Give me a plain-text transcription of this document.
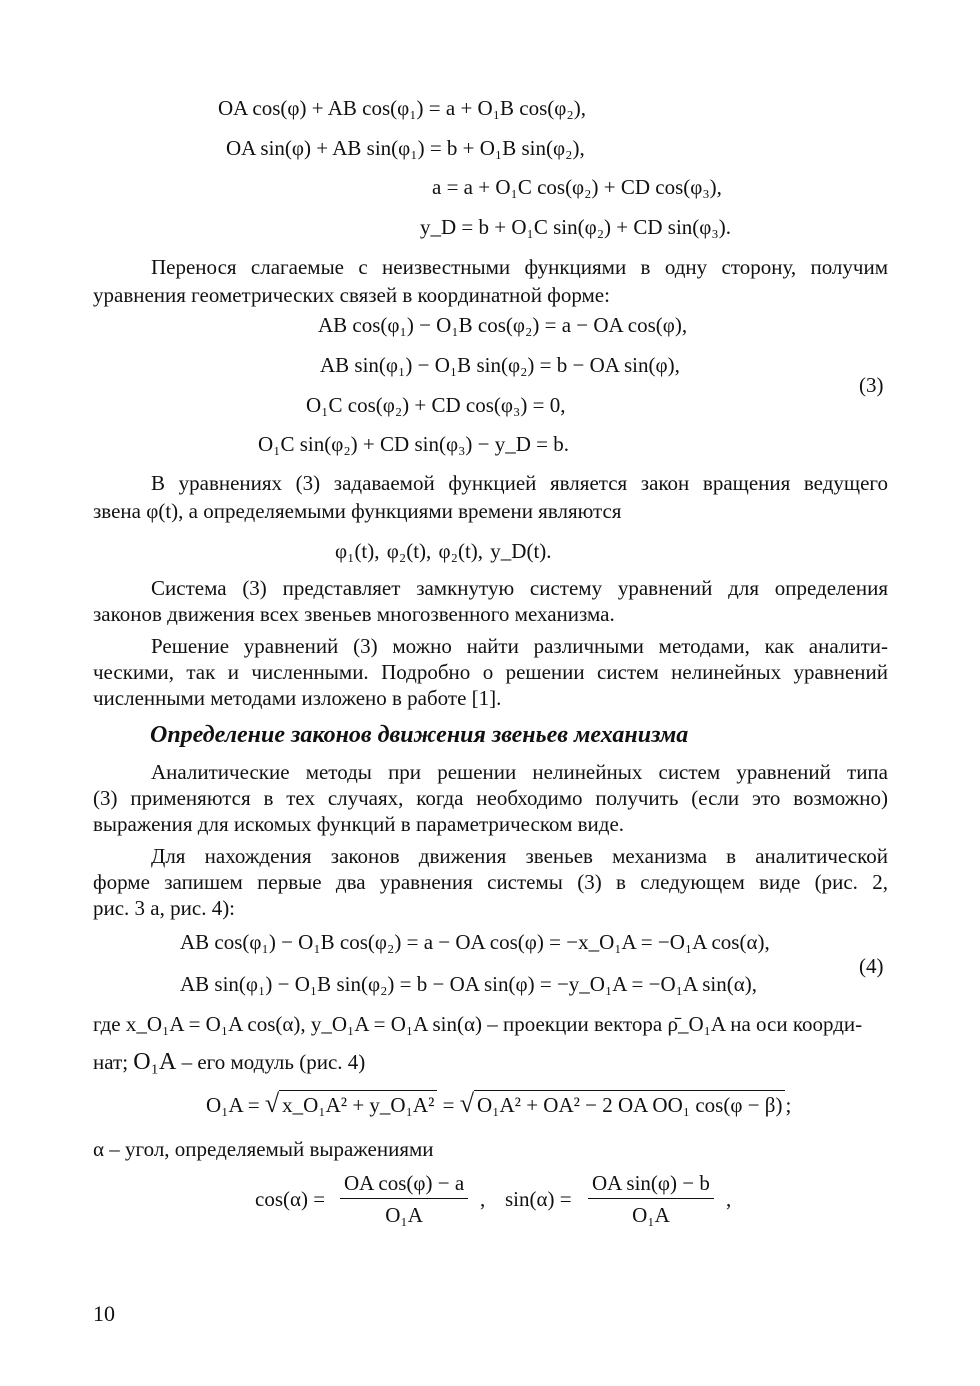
OA cos(φ) + AB cos(φ₁) = a + O₁B cos(φ₂),
OA sin(φ) + AB sin(φ₁) = b + O₁B sin(φ₂),
a = a + O₁C cos(φ₂) + CD cos(φ₃),
y_D = b + O₁C sin(φ₂) + CD sin(φ₃).
Перенося слагаемые с неизвестными функциями в одну сторону, получим
уравнения геометрических связей в координатной форме:
AB cos(φ₁) − O₁B cos(φ₂) = a − OA cos(φ),
AB sin(φ₁) − O₁B sin(φ₂) = b − OA sin(φ),
O₁C cos(φ₂) + CD cos(φ₃) = 0,
O₁C sin(φ₂) + CD sin(φ₃) − y_D = b.
(3)
В уравнениях (3) задаваемой функцией является закон вращения ведущего
звена φ(t), а определяемыми функциями времени являются
φ₁(t), φ₂(t), φ₂(t), y_D(t).
Система (3) представляет замкнутую систему уравнений для определения
законов движения всех звеньев многозвенного механизма.
Решение уравнений (3) можно найти различными методами, как аналити-
ческими, так и численными. Подробно о решении систем нелинейных уравнений
численными методами изложено в работе [1].
Определение законов движения звеньев механизма
Аналитические методы при решении нелинейных систем уравнений типа
(3) применяются в тех случаях, когда необходимо получить (если это возможно)
выражения для искомых функций в параметрическом виде.
Для нахождения законов движения звеньев механизма в аналитической
форме запишем первые два уравнения системы (3) в следующем виде (рис. 2,
рис. 3 а, рис. 4):
AB cos(φ₁) − O₁B cos(φ₂) = a − OA cos(φ) = −x_O₁A = −O₁A cos(α),
AB sin(φ₁) − O₁B sin(φ₂) = b − OA sin(φ) = −y_O₁A = −O₁A sin(α),
(4)
где x_O₁A = O₁A cos(α), y_O₁A = O₁A sin(α) – проекции вектора ρ̄_O₁A на оси коорди-
нат; O₁A – его модуль (рис. 4)
O₁A = √ x_O₁A² + y_O₁A² = √ O₁A² + OA² − 2 OA OO₁ cos(φ − β) ;
α – угол, определяемый выражениями
$\cos(\alpha) = \frac{\text{OA cos(φ) − a}}{\text{O₁A}}$ , $\sin(\alpha) = \frac{\text{OA sin(φ) − b}}{\text{O₁A}}$ ,
10
